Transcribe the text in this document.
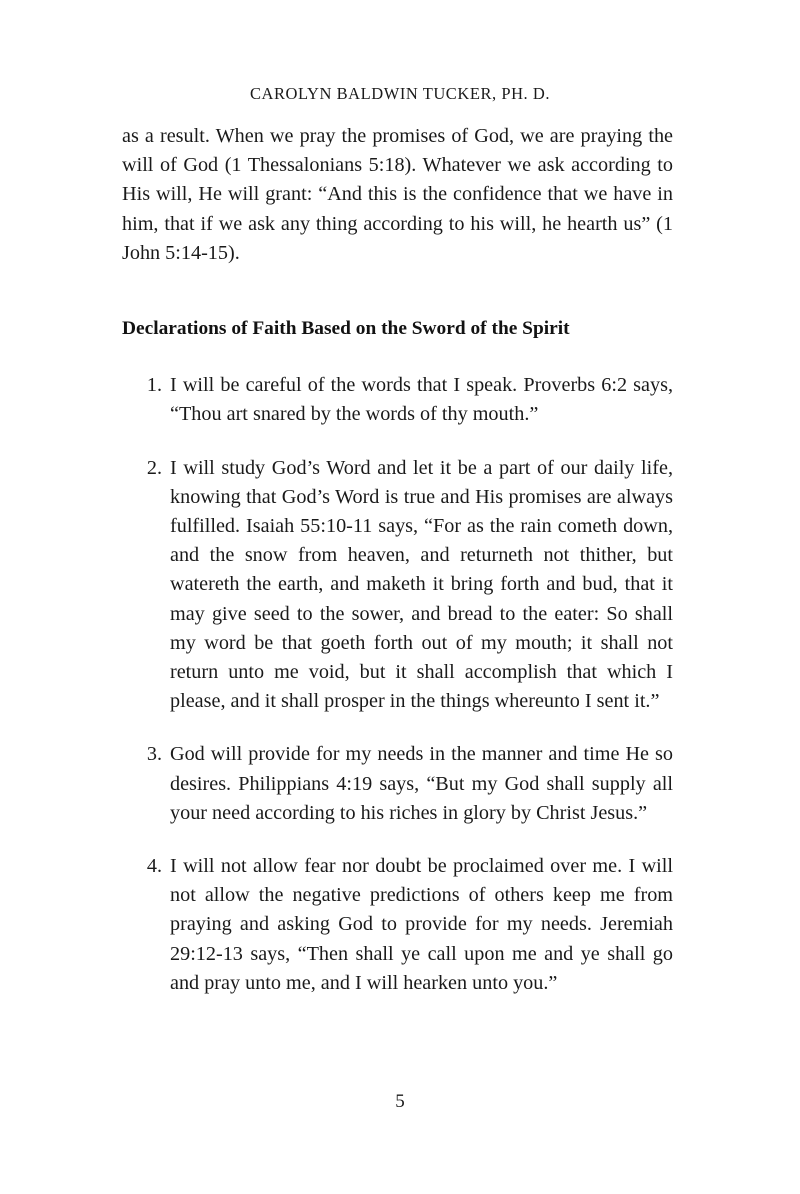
CAROLYN BALDWIN TUCKER, PH. D.

as a result. When we pray the promises of God, we are praying the will of God (1 Thessalonians 5:18). Whatever we ask according to His will, He will grant: “And this is the confidence that we have in him, that if we ask any thing according to his will, he hearth us” (1 John 5:14-15).

Declarations of Faith Based on the Sword of the Spirit
1. I will be careful of the words that I speak. Proverbs 6:2 says, “Thou art snared by the words of thy mouth.”
2. I will study God’s Word and let it be a part of our daily life, knowing that God’s Word is true and His promises are always fulfilled. Isaiah 55:10-11 says, “For as the rain cometh down, and the snow from heaven, and returneth not thither, but watereth the earth, and maketh it bring forth and bud, that it may give seed to the sower, and bread to the eater: So shall my word be that goeth forth out of my mouth; it shall not return unto me void, but it shall accomplish that which I please, and it shall prosper in the things whereunto I sent it.”
3. God will provide for my needs in the manner and time He so desires. Philippians 4:19 says, “But my God shall supply all your need according to his riches in glory by Christ Jesus.”
4. I will not allow fear nor doubt be proclaimed over me. I will not allow the negative predictions of others keep me from praying and asking God to provide for my needs. Jeremiah 29:12-13 says, “Then shall ye call upon me and ye shall go and pray unto me, and I will hearken unto you.”
5
